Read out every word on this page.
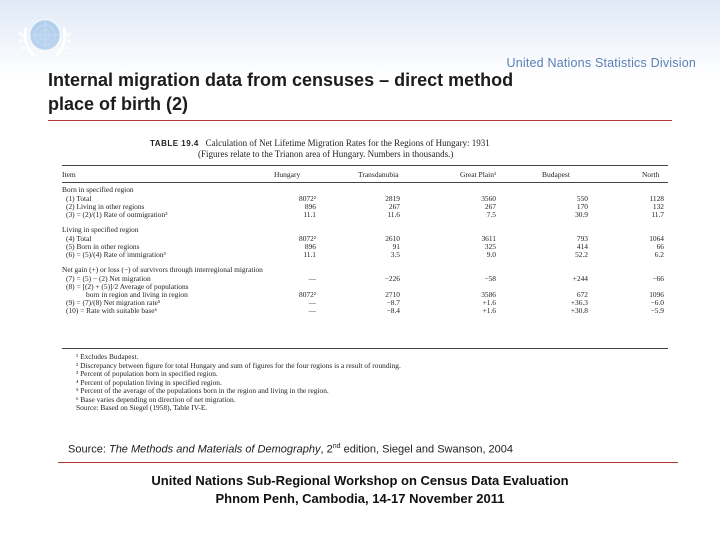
United Nations Statistics Division
Internal migration data from censuses – direct method
place of birth (2)
TABLE 19.4 Calculation of Net Lifetime Migration Rates for the Regions of Hungary: 1931
(Figures relate to the Trianon area of Hungary. Numbers in thousands.)
Item	Hungary	Transdanubia	Great Plain¹	Budapest	North
Born in specified region
(1) Total	8072²	2819	3560	550	1128
(2) Living in other regions	896	267	267	170	132
(3) = (2)/(1) Rate of outmigration³	11.1	11.6	7.5	30.9	11.7
Living in specified region
(4) Total	8072²	2610	3611	793	1064
(5) Born in other regions	896	91	325	414	66
(6) = (5)/(4) Rate of immigration³	11.1	3.5	9.0	52.2	6.2
Net gain (+) or loss (−) of survivors through interregional migration
(7) = (5) − (2) Net migration	—	−226	−58	+244	−66
(8) = [(2) + (5)]/2 Average of populations
born in region and living in region	8072²	2710	3586	672	1096
(9) = (7)/(8) Net migration rate⁵	—	−8.7	+1.6	+36.3	−6.0
(10) = Rate with suitable base⁶	—	−8.4	+1.6	+30.8	−5.9
¹ Excludes Budapest.
² Discrepancy between figure for total Hungary and sum of figures for the four regions is a result of rounding.
³ Percent of population born in specified region.
⁴ Percent of population living in specified region.
⁵ Percent of the average of the populations born in the region and living in the region.
⁶ Base varies depending on direction of net migration.
Source: Based on Siegel (1958), Table IV-E.
Source: The Methods and Materials of Demography, 2nd edition, Siegel and Swanson, 2004
United Nations Sub-Regional Workshop on Census Data Evaluation
Phnom Penh, Cambodia, 14-17 November 2011
